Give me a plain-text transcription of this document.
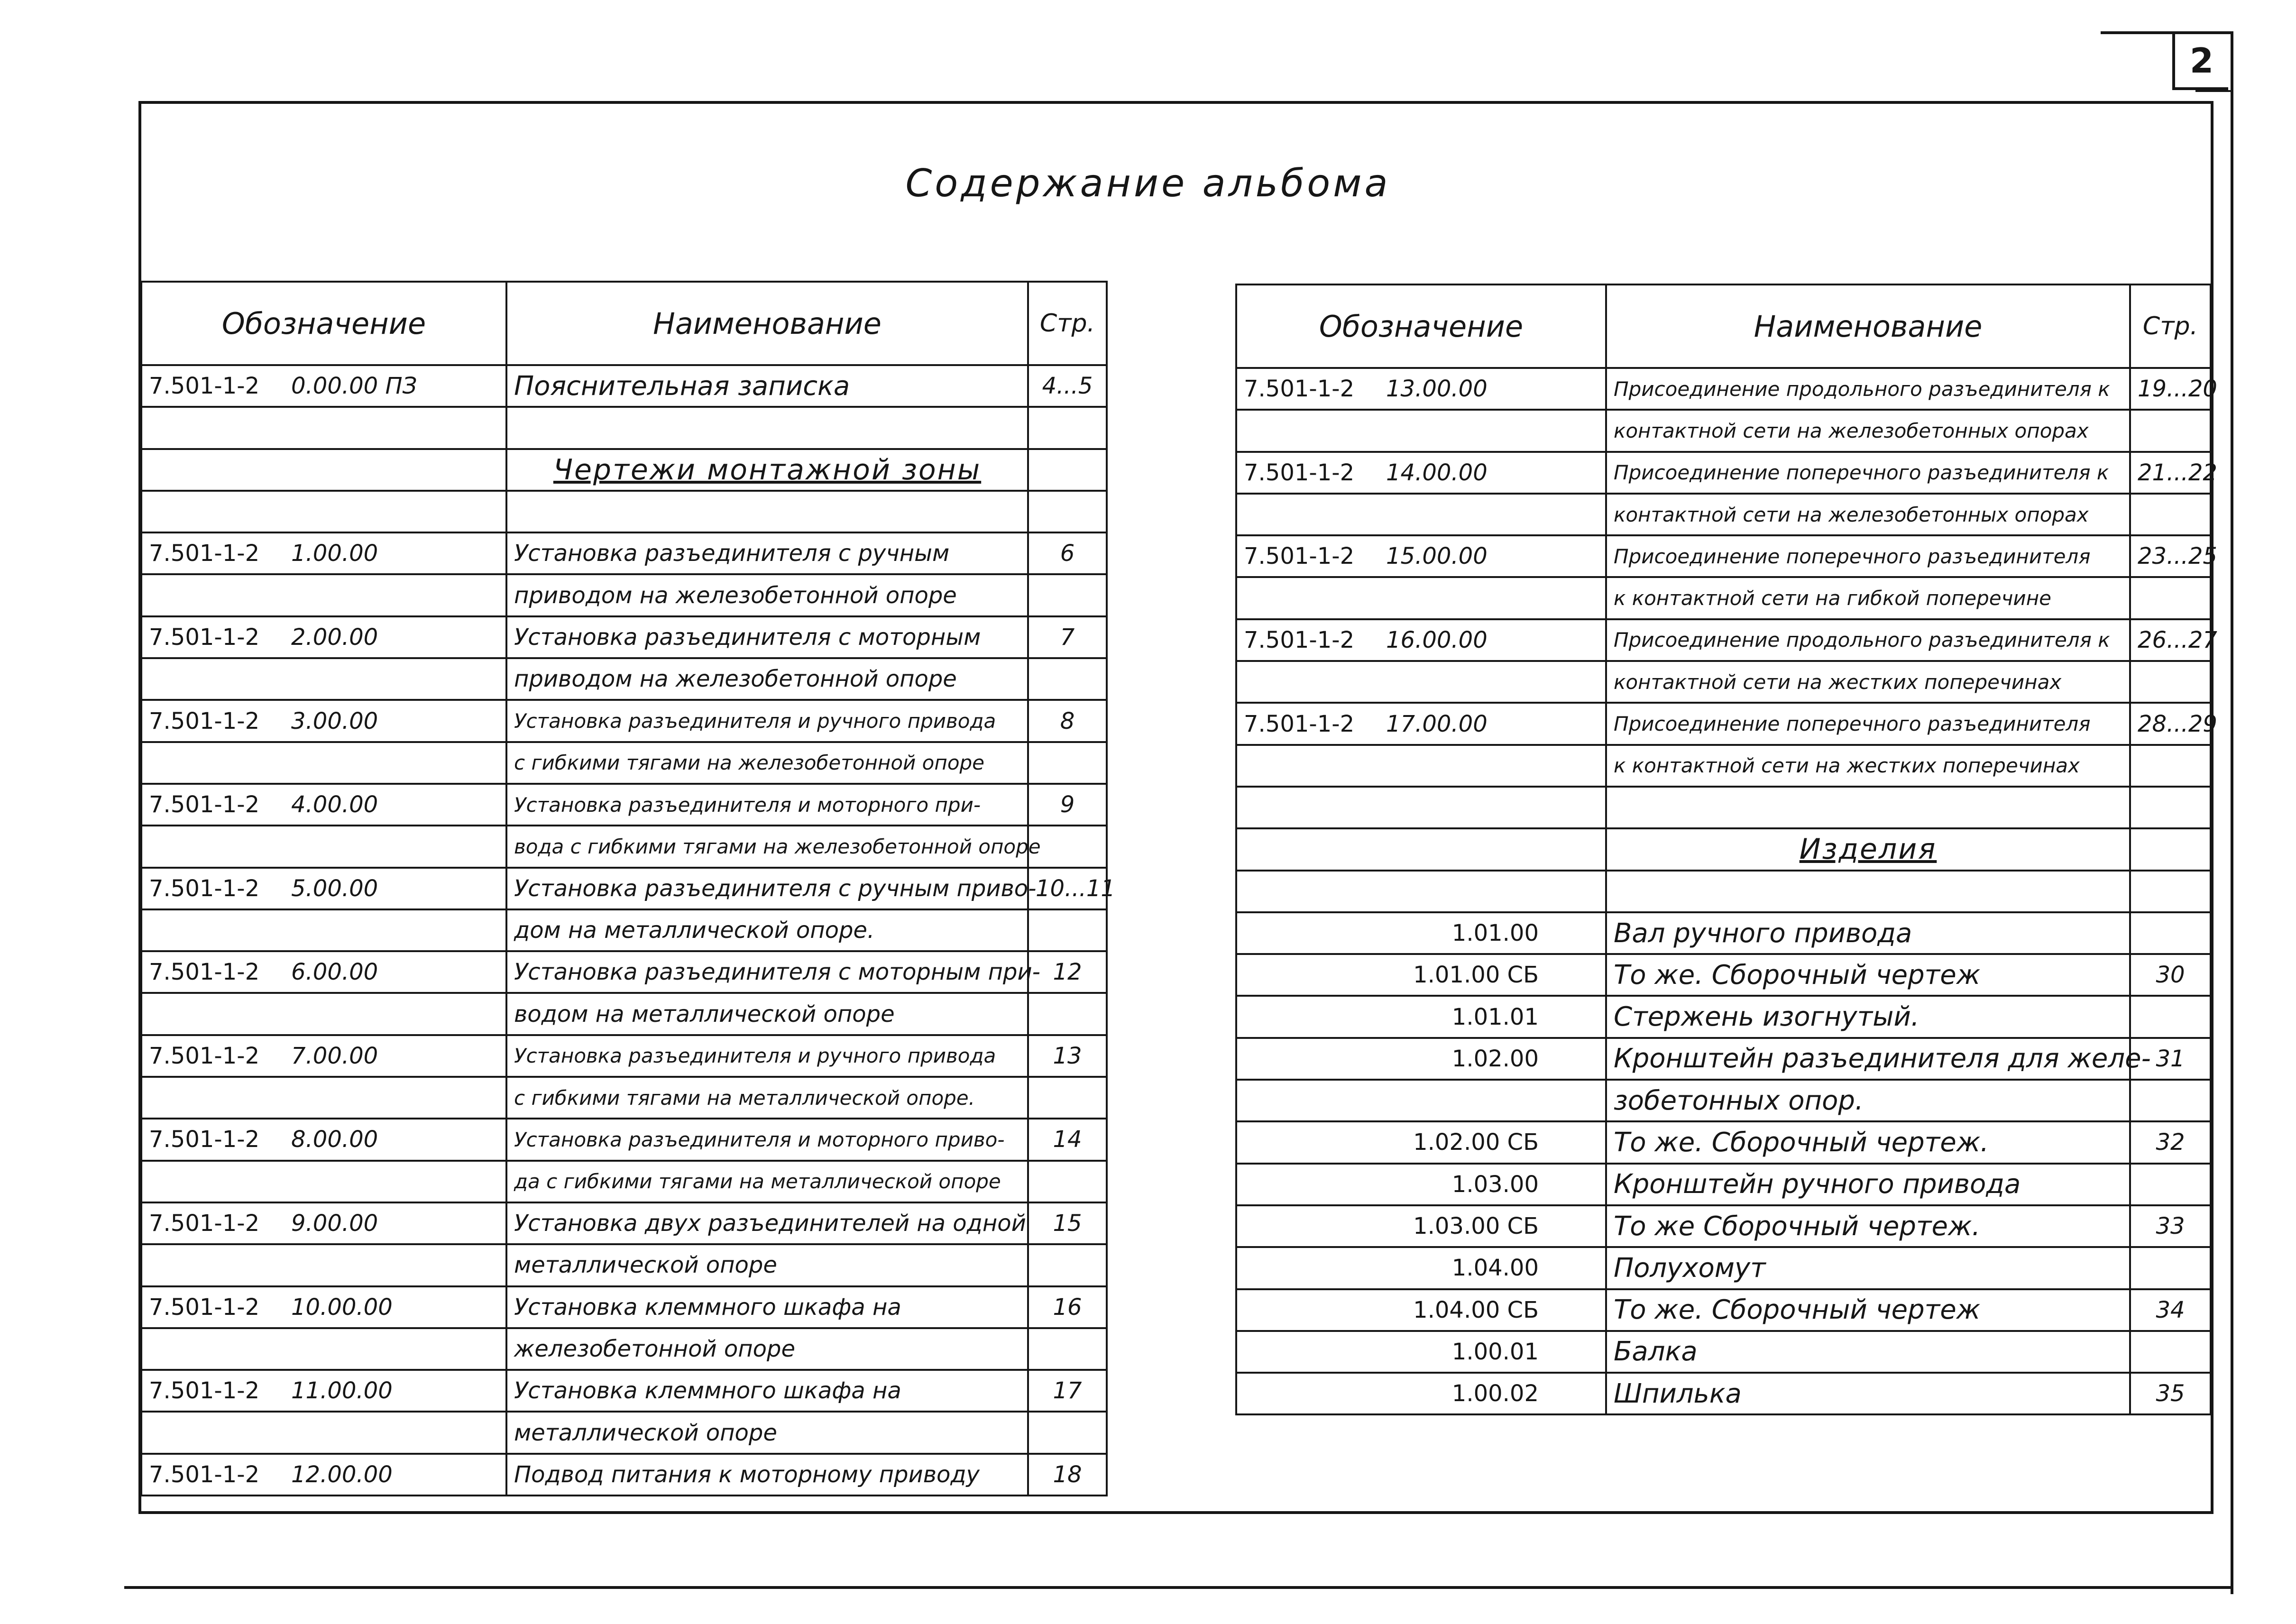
2
Содержание альбома
Обозначение	Наименование	Стр.
7.501-1-2 0.00.00 ПЗ	Пояснительная записка	4...5

	Чертежи монтажной зоны	

7.501-1-2 1.00.00	Установка разъединителя с ручным	6
	приводом на железобетонной опоре	
7.501-1-2 2.00.00	Установка разъединителя с моторным	7
	приводом на железобетонной опоре	
7.501-1-2 3.00.00	Установка разъединителя и ручного привода	8
	с гибкими тягами на железобетонной опоре	
7.501-1-2 4.00.00	Установка разъединителя и моторного при-	9
	вода с гибкими тягами на железобетонной опоре	
7.501-1-2 5.00.00	Установка разъединителя с ручным приво-	10...11
	дом на металлической опоре.	
7.501-1-2 6.00.00	Установка разъединителя с моторным при-	12
	водом на металлической опоре	
7.501-1-2 7.00.00	Установка разъединителя и ручного привода	13
	с гибкими тягами на металлической опоре.	
7.501-1-2 8.00.00	Установка разъединителя и моторного приво-	14
	да с гибкими тягами на металлической опоре	
7.501-1-2 9.00.00	Установка двух разъединителей на одной	15
	металлической опоре	
7.501-1-2 10.00.00	Установка клеммного шкафа на	16
	железобетонной опоре	
7.501-1-2 11.00.00	Установка клеммного шкафа на	17
	металлической опоре	
7.501-1-2 12.00.00	Подвод питания к моторному приводу	18
Обозначение	Наименование	Стр.
7.501-1-2 13.00.00	Присоединение продольного разъединителя к	19...20
	контактной сети на железобетонных опорах	
7.501-1-2 14.00.00	Присоединение поперечного разъединителя к	21...22
	контактной сети на железобетонных опорах	
7.501-1-2 15.00.00	Присоединение поперечного разъединителя	23...25
	к контактной сети на гибкой поперечине	
7.501-1-2 16.00.00	Присоединение продольного разъединителя к	26...27
	контактной сети на жестких поперечинах	
7.501-1-2 17.00.00	Присоединение поперечного разъединителя	28...29
	к контактной сети на жестких поперечинах	

	Изделия	

1.01.00	Вал ручного привода	
1.01.00 СБ	То же. Сборочный чертеж	30
1.01.01	Стержень изогнутый.	
1.02.00	Кронштейн разъединителя для желе-	31
	зобетонных опор.	
1.02.00 СБ	То же. Сборочный чертеж.	32
1.03.00	Кронштейн ручного привода	
1.03.00 СБ	То же Сборочный чертеж.	33
1.04.00	Полухомут	
1.04.00 СБ	То же. Сборочный чертеж	34
1.00.01	Балка	
1.00.02	Шпилька	35
